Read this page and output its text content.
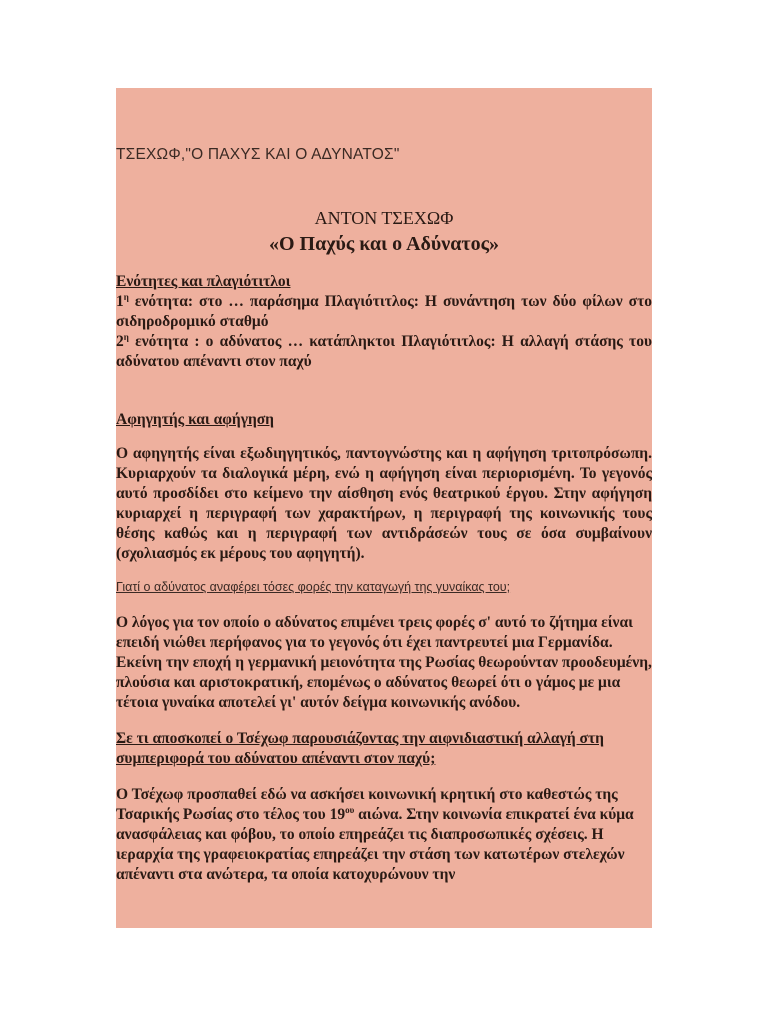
ΤΣΕΧΩΦ,"Ο ΠΑΧΥΣ ΚΑΙ Ο ΑΔΥΝΑΤΟΣ"
ΑΝΤΟΝ ΤΣΕΧΩΦ
«Ο Παχύς και ο Αδύνατος»

Ενότητες και πλαγιότιτλοι

$1^\eta$ ενότητα: στο … παράσημα Πλαγιότιτλος: Η συνάντηση των δύο φίλων στο σιδηροδρομικό σταθμό

$2^\eta$ ενότητα : ο αδύνατος … κατάπληκτοι Πλαγιότιτλος: Η αλλαγή στάσης του αδύνατου απέναντι στον παχύ

Αφηγητής και αφήγηση

Ο αφηγητής είναι εξωδιηγητικός, παντογνώστης και η αφήγηση τριτοπρόσωπη. Κυριαρχούν τα διαλογικά μέρη, ενώ η αφήγηση είναι περιορισμένη. Το γεγονός αυτό προσδίδει στο κείμενο την αίσθηση ενός θεατρικού έργου. Στην αφήγηση κυριαρχεί η περιγραφή των χαρακτήρων, η περιγραφή της κοινωνικής τους θέσης καθώς και η περιγραφή των αντιδράσεών τους σε όσα συμβαίνουν (σχολιασμός εκ μέρους του αφηγητή).

Γιατί ο αδύνατος αναφέρει τόσες φορές την καταγωγή της γυναίκας του;

Ο λόγος για τον οποίο ο αδύνατος επιμένει τρεις φορές σ' αυτό το ζήτημα είναι επειδή νιώθει περήφανος για το γεγονός ότι έχει παντρευτεί μια Γερμανίδα. Εκείνη την εποχή η γερμανική μειονότητα της Ρωσίας θεωρούνταν προοδευμένη, πλούσια και αριστοκρατική, επομένως ο αδύνατος θεωρεί ότι ο γάμος με μια τέτοια γυναίκα αποτελεί γι' αυτόν δείγμα κοινωνικής ανόδου.

Σε τι αποσκοπεί ο Τσέχωφ παρουσιάζοντας την αιφνιδιαστική αλλαγή στη συμπεριφορά του αδύνατου απέναντι στον παχύ;

Ο Τσέχωφ προσπαθεί εδώ να ασκήσει κοινωνική κρητική στο καθεστώς της Τσαρικής Ρωσίας στο τέλος του $19^{o\upsilon}$ αιώνα. Στην κοινωνία επικρατεί ένα κύμα ανασφάλειας και φόβου, το οποίο επηρεάζει τις διαπροσωπικές σχέσεις. Η ιεραρχία της γραφειοκρατίας επηρεάζει την στάση των κατωτέρων στελεχών απέναντι στα ανώτερα, τα οποία κατοχυρώνουν την
